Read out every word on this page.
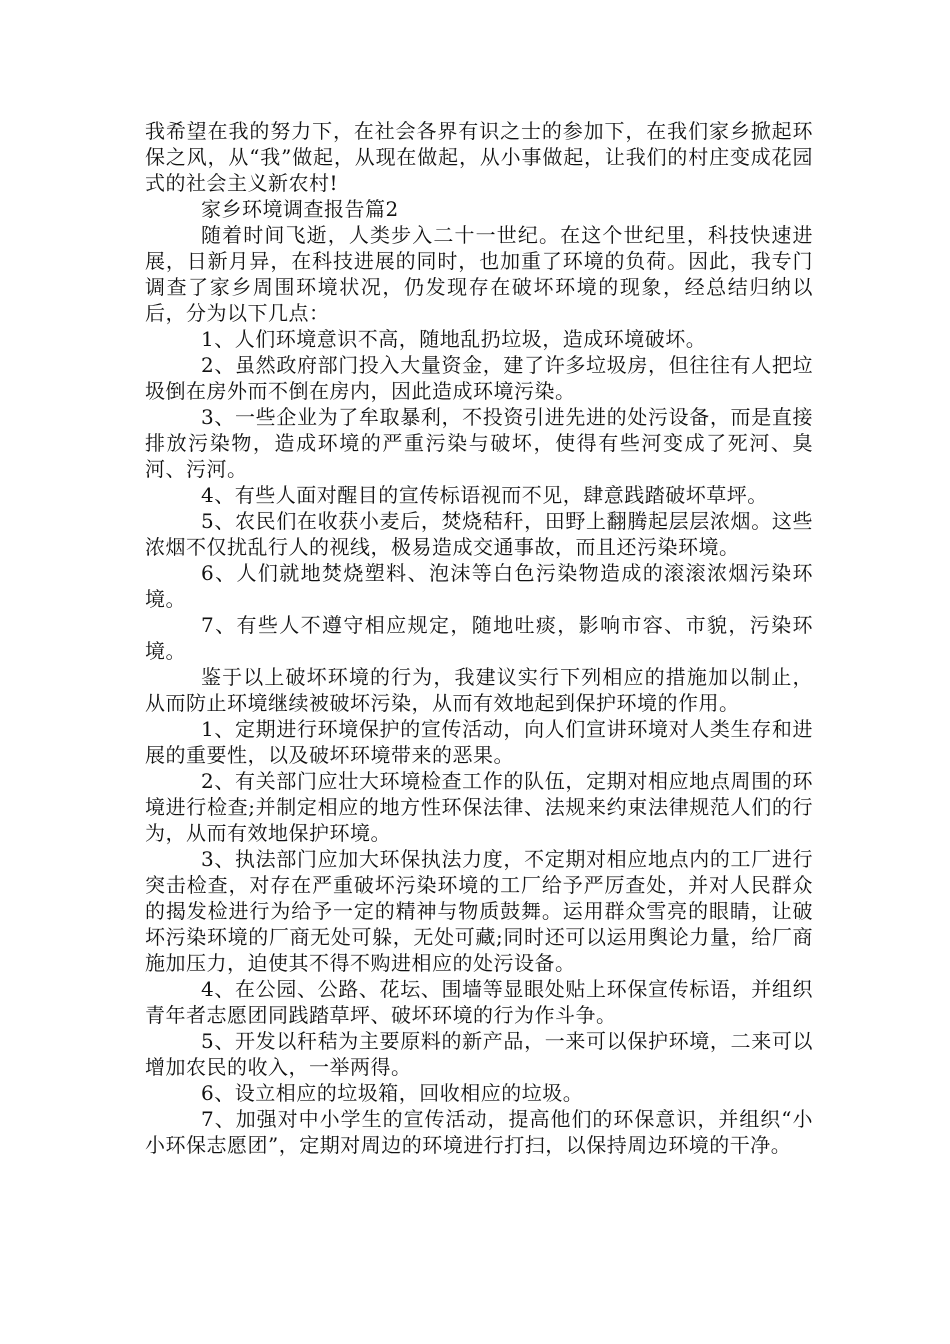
我希望在我的努力下，在社会各界有识之士的参加下，在我们家乡掀起环保之风，从“我”做起，从现在做起，从小事做起，让我们的村庄变成花园式的社会主义新农村!

家乡环境调查报告篇2

随着时间飞逝，人类步入二十一世纪。在这个世纪里，科技快速进展，日新月异，在科技进展的同时，也加重了环境的负荷。因此，我专门调查了家乡周围环境状况，仍发现存在破坏环境的现象，经总结归纳以后，分为以下几点：

1、人们环境意识不高，随地乱扔垃圾，造成环境破坏。

2、虽然政府部门投入大量资金，建了许多垃圾房，但往往有人把垃圾倒在房外而不倒在房内，因此造成环境污染。

3、一些企业为了牟取暴利，不投资引进先进的处污设备，而是直接排放污染物，造成环境的严重污染与破坏，使得有些河变成了死河、臭河、污河。

4、有些人面对醒目的宣传标语视而不见，肆意践踏破坏草坪。

5、农民们在收获小麦后，焚烧秸秆，田野上翻腾起层层浓烟。这些浓烟不仅扰乱行人的视线，极易造成交通事故，而且还污染环境。

6、人们就地焚烧塑料、泡沫等白色污染物造成的滚滚浓烟污染环境。

7、有些人不遵守相应规定，随地吐痰，影响市容、市貌，污染环境。

鉴于以上破坏环境的行为，我建议实行下列相应的措施加以制止，从而防止环境继续被破坏污染，从而有效地起到保护环境的作用。

1、定期进行环境保护的宣传活动，向人们宣讲环境对人类生存和进展的重要性，以及破坏环境带来的恶果。

2、有关部门应壮大环境检查工作的队伍，定期对相应地点周围的环境进行检查;并制定相应的地方性环保法律、法规来约束法律规范人们的行为，从而有效地保护环境。

3、执法部门应加大环保执法力度，不定期对相应地点内的工厂进行突击检查，对存在严重破坏污染环境的工厂给予严厉查处，并对人民群众的揭发检进行为给予一定的精神与物质鼓舞。运用群众雪亮的眼睛，让破坏污染环境的厂商无处可躲，无处可藏;同时还可以运用舆论力量，给厂商施加压力，迫使其不得不购进相应的处污设备。

4、在公园、公路、花坛、围墙等显眼处贴上环保宣传标语，并组织青年者志愿团同践踏草坪、破坏环境的行为作斗争。

5、开发以秆秸为主要原料的新产品，一来可以保护环境，二来可以增加农民的收入，一举两得。

6、设立相应的垃圾箱，回收相应的垃圾。

7、加强对中小学生的宣传活动，提高他们的环保意识，并组织“小小环保志愿团”，定期对周边的环境进行打扫，以保持周边环境的干净。
